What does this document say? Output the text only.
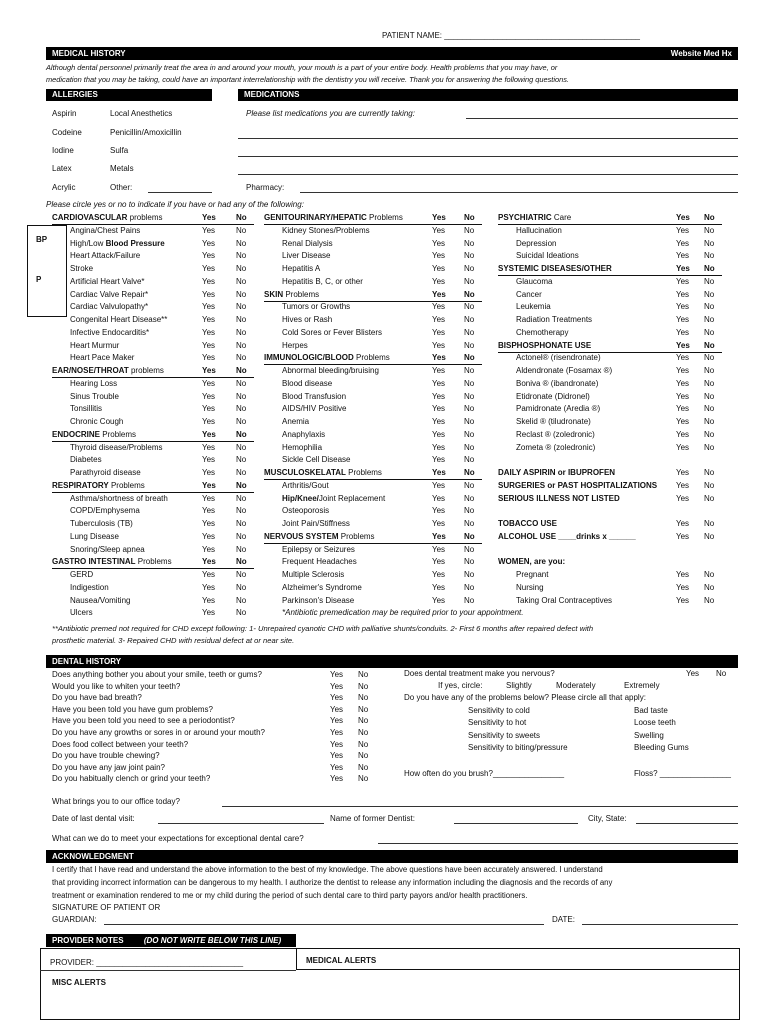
PATIENT NAME: ____________________________________________
MEDICAL HISTORY	Website Med Hx
Although dental personnel primarily treat the area in and around your mouth, your mouth is a part of your entire body. Health problems that you may have, or
medication that you may be taking, could have an important interrelationship with the dentistry you will receive. Thank you for answering the following questions.
ALLERGIES	MEDICATIONS
Aspirin	Local Anesthetics
Codeine	Penicillin/Amoxicillin
Iodine	Sulfa
Latex	Metals
Acrylic	Other:
Please list medications you are currently taking:
Pharmacy:
Please circle yes or no to indicate if you have or had any of the following:
BP
P
CARDIOVASCULAR problems	Yes	No
Angina/Chest Pains	Yes	No
High/Low Blood Pressure	Yes	No
Heart Attack/Failure	Yes	No
Stroke	Yes	No
Artificial Heart Valve*	Yes	No
Cardiac Valve Repair*	Yes	No
Cardiac Valvulopathy*	Yes	No
Congenital Heart Disease**	Yes	No
Infective Endocarditis*	Yes	No
Heart Murmur	Yes	No
Heart Pace Maker	Yes	No
EAR/NOSE/THROAT problems	Yes	No
Hearing Loss	Yes	No
Sinus Trouble	Yes	No
Tonsillitis	Yes	No
Chronic Cough	Yes	No
ENDOCRINE Problems	Yes	No
Thyroid disease/Problems	Yes	No
Diabetes	Yes	No
Parathyroid disease	Yes	No
RESPIRATORY Problems	Yes	No
Asthma/shortness of breath	Yes	No
COPD/Emphysema	Yes	No
Tuberculosis (TB)	Yes	No
Lung Disease	Yes	No
Snoring/Sleep apnea	Yes	No
GASTRO INTESTINAL Problems	Yes	No
GERD	Yes	No
Indigestion	Yes	No
Nausea/Vomiting	Yes	No
Ulcers	Yes	No
GENITOURINARY/HEPATIC Problems	Yes No
Kidney Stones/Problems	Yes No
Renal Dialysis	Yes No
Liver Disease	Yes No
Hepatitis A	Yes No
Hepatitis B, C, or other	Yes No
SKIN Problems	Yes No
Tumors or Growths	Yes No
Hives or Rash	Yes No
Cold Sores or Fever Blisters	Yes No
Herpes	Yes No
IMMUNOLOGIC/BLOOD Problems	Yes No
Abnormal bleeding/bruising	Yes No
Blood disease	Yes No
Blood Transfusion	Yes No
AIDS/HIV Positive	Yes No
Anemia	Yes No
Anaphylaxis	Yes No
Hemophilia	Yes No
Sickle Cell Disease	Yes No
MUSCULOSKELATAL Problems	Yes No
Arthritis/Gout	Yes No
Hip/Knee/Joint Replacement	Yes No
Osteoporosis	Yes No
Joint Pain/Stiffness	Yes No
NERVOUS SYSTEM Problems	Yes No
Epilepsy or Seizures	Yes No
Frequent Headaches	Yes No
Multiple Sclerosis	Yes No
Alzheimer's Syndrome	Yes No
Parkinson's Disease	Yes No
*Antibiotic premedication may be required prior to your appointment.
PSYCHIATRIC Care	Yes No
Hallucination	Yes No
Depression	Yes No
Suicidal Ideations	Yes No
SYSTEMIC DISEASES/OTHER	Yes No
Glaucoma	Yes No
Cancer	Yes No
Leukemia	Yes No
Radiation Treatments	Yes No
Chemotherapy	Yes No
BISPHOSPHONATE USE	Yes No
Actonel® (risendronate)	Yes No
Aldendronate (Fosamax ®)	Yes No
Boniva ® (ibandronate)	Yes No
Etidronate (Didronel)	Yes No
Pamidronate (Aredia ®)	Yes No
Skelid ® (tiludronate)	Yes No
Reclast ® (zoledronic)	Yes No
Zometa ® (zoledronic)	Yes No
DAILY ASPIRIN or IBUPROFEN	Yes No
SURGERIES or PAST HOSPITALIZATIONS Yes No
SERIOUS ILLNESS NOT LISTED	Yes No
TOBACCO USE	Yes No
ALCOHOL USE ____drinks x ______	Yes No
WOMEN, are you:
Pregnant	Yes No
Nursing	Yes No
Taking Oral Contraceptives	Yes No
**Antibiotic premed not required for CHD except following: 1- Unrepaired cyanotic CHD with palliative shunts/conduits. 2- First 6 months after repaired defect with
prosthetic material. 3- Repaired CHD with residual defect at or near site.
DENTAL HISTORY
Does anything bother you about your smile, teeth or gums?	Yes No
Would you like to whiten your teeth?	Yes No
Do you have bad breath?	Yes No
Have you been told you have gum problems?	Yes No
Have you been told you need to see a periodontist?	Yes No
Do you have any growths or sores in or around your mouth?	Yes No
Does food collect between your teeth?	Yes No
Do you have trouble chewing?	Yes No
Do you have any jaw joint pain?	Yes No
Do you habitually clench or grind your teeth?	Yes No
Does dental treatment make you nervous?	Yes No
If yes, circle:	Slightly	Moderately	Extremely
Do you have any of the problems below? Please circle all that apply:
Sensitivity to cold	Bad taste
Sensitivity to hot	Loose teeth
Sensitivity to sweets	Swelling
Sensitivity to biting/pressure	Bleeding Gums
How often do you brush?________________	Floss? ________________
What brings you to our office today?
Date of last dental visit:	Name of former Dentist:	City, State:
What can we do to meet your expectations for exceptional dental care?
ACKNOWLEDGMENT
I certify that I have read and understand the above information to the best of my knowledge. The above questions have been accurately answered. I understand
that providing incorrect information can be dangerous to my health. I authorize the dentist to release any information including the diagnosis and the records of any
treatment or examination rendered to me or my child during the period of such dental care to third party payors and/or health practitioners.
SIGNATURE OF PATIENT OR
GUARDIAN:	DATE:
PROVIDER NOTES	(DO NOT WRITE BELOW THIS LINE)
PROVIDER: _________________________________	MEDICAL ALERTS
MISC ALERTS
